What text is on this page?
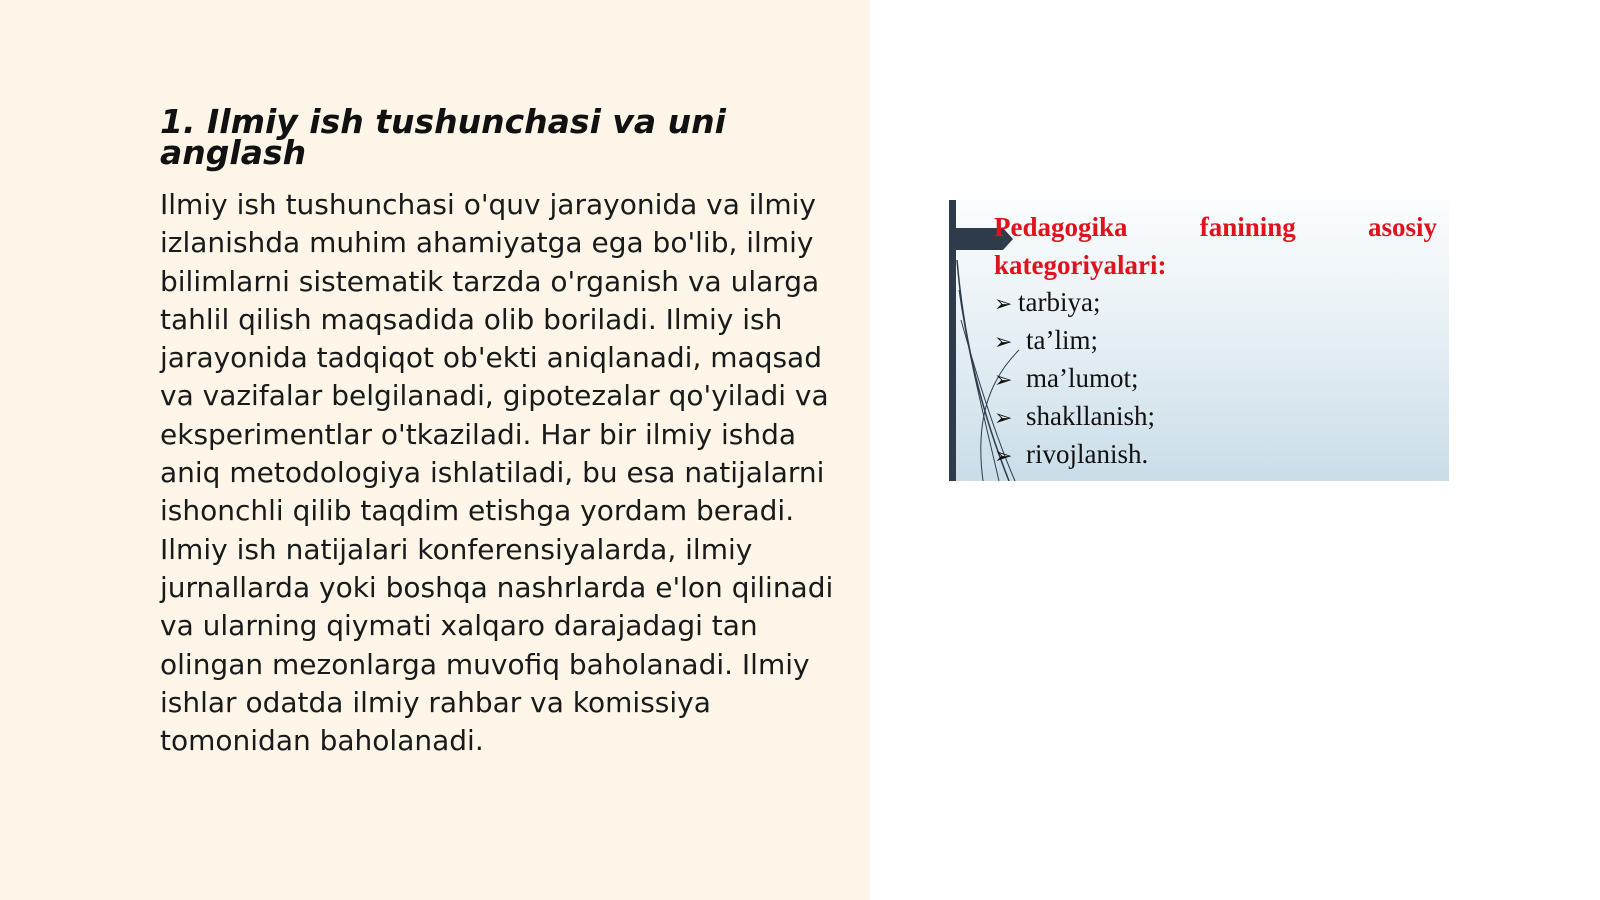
1. Ilmiy ish tushunchasi va uni anglash

Ilmiy ish tushunchasi o'quv jarayonida va ilmiy izlanishda muhim ahamiyatga ega bo'lib, ilmiy bilimlarni sistematik tarzda o'rganish va ularga tahlil qilish maqsadida olib boriladi. Ilmiy ish jarayonida tadqiqot ob'ekti aniqlanadi, maqsad va vazifalar belgilanadi, gipotezalar qo'yiladi va eksperimentlar o'tkaziladi. Har bir ilmiy ishda aniq metodologiya ishlatiladi, bu esa natijalarni ishonchli qilib taqdim etishga yordam beradi. Ilmiy ish natijalari konferensiyalarda, ilmiy jurnallarda yoki boshqa nashrlarda e'lon qilinadi va ularning qiymati xalqaro darajadagi tan olingan mezonlarga muvofiq baholanadi. Ilmiy ishlar odatda ilmiy rahbar va komissiya tomonidan baholanadi.

Pedagogika fanining asosiy kategoriyalari:

➢ tarbiya;
➢ ta’lim;
➢ ma’lumot;
➢ shakllanish;
➢ rivojlanish.
